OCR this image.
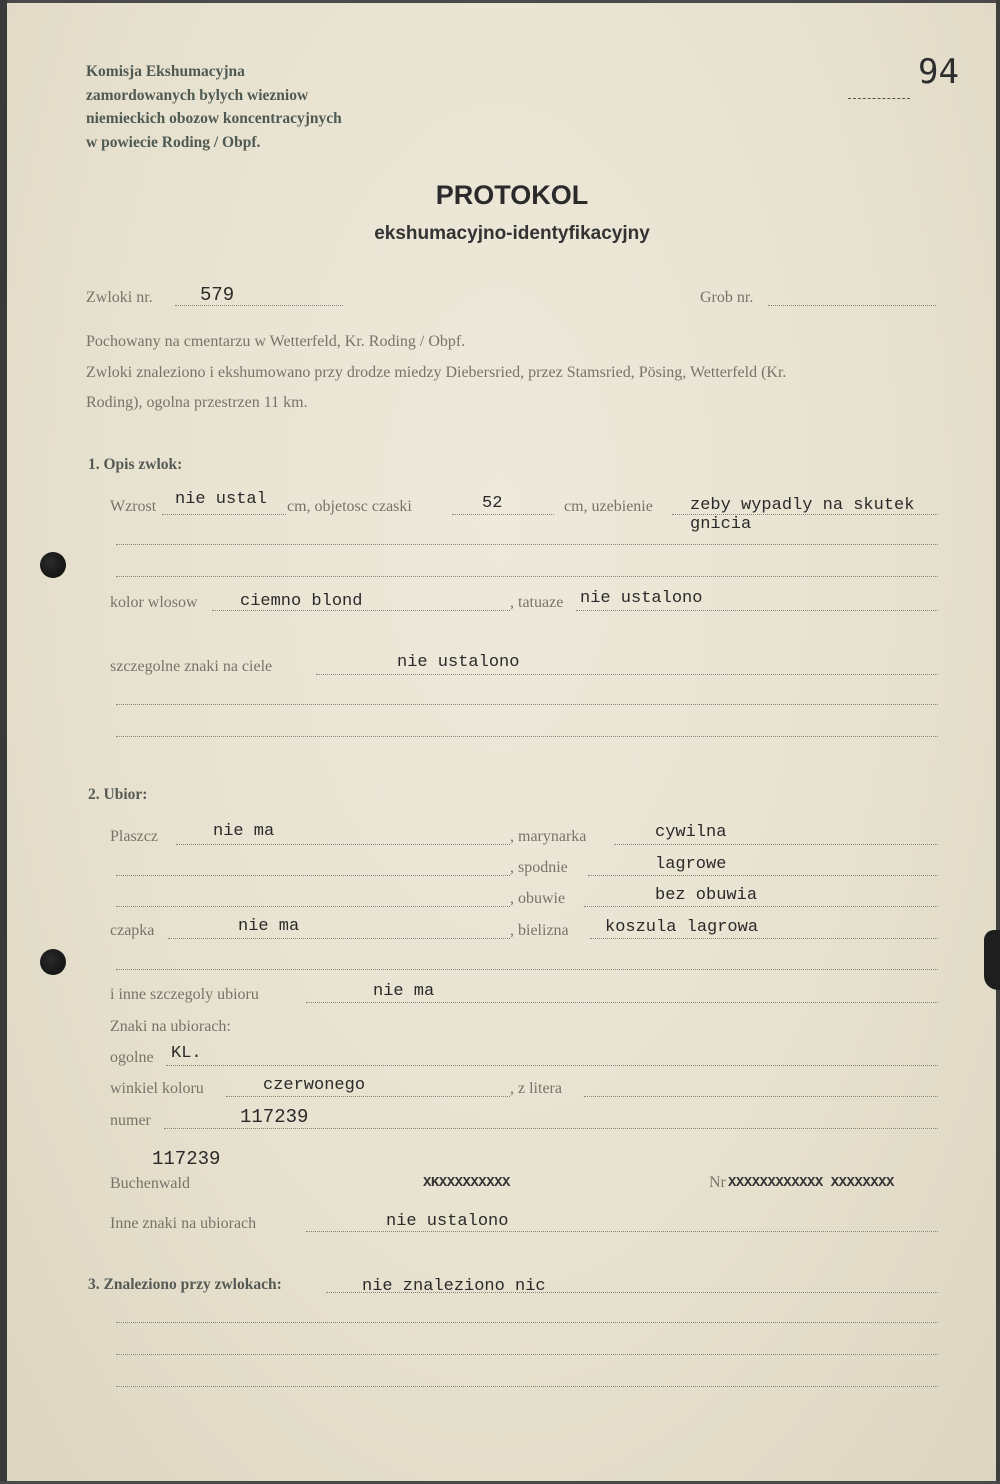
94
Komisja Ekshumacyjna
zamordowanych bylych wiezniow
niemieckich obozow koncentracyjnych
w powiecie Roding / Obpf.
PROTOKOL
ekshumacyjno-identyfikacyjny
Zwloki nr. 579	Grob nr.
Pochowany na cmentarzu w Wetterfeld, Kr. Roding / Obpf.
Zwloki znaleziono i ekshumowano przy drodze miedzy Diebersried, przez Stamsried, Pösing, Wetterfeld (Kr.
Roding), ogolna przestrzen 11 km.
1. Opis zwlok:
Wzrost nie ustal cm, objetosc czaski	52	cm, uzebienie zeby wypadly na skutek
gnicia
kolor wlosow ciemno blond	, tatuaze nie ustalono
szczegolne znaki na ciele	nie ustalono
2. Ubior:
Plaszcz	nie ma	, marynarka	cywilna
, spodnie	lagrowe
, obuwie	bez obuwia
czapka	nie ma	, bielizna koszula lagrowa
i inne szczegoly ubioru	nie ma
Znaki na ubiorach:
ogolne KL.
winkiel koloru	czerwonego	, z litera
numer	117239
117239
Buchenwald	XKXXXXXXXXX	Nr XXXXXXXXXXXX XXXXXXXX
Inne znaki na ubiorach	nie ustalono
3. Znaleziono przy zwlokach:	nie znaleziono nic
